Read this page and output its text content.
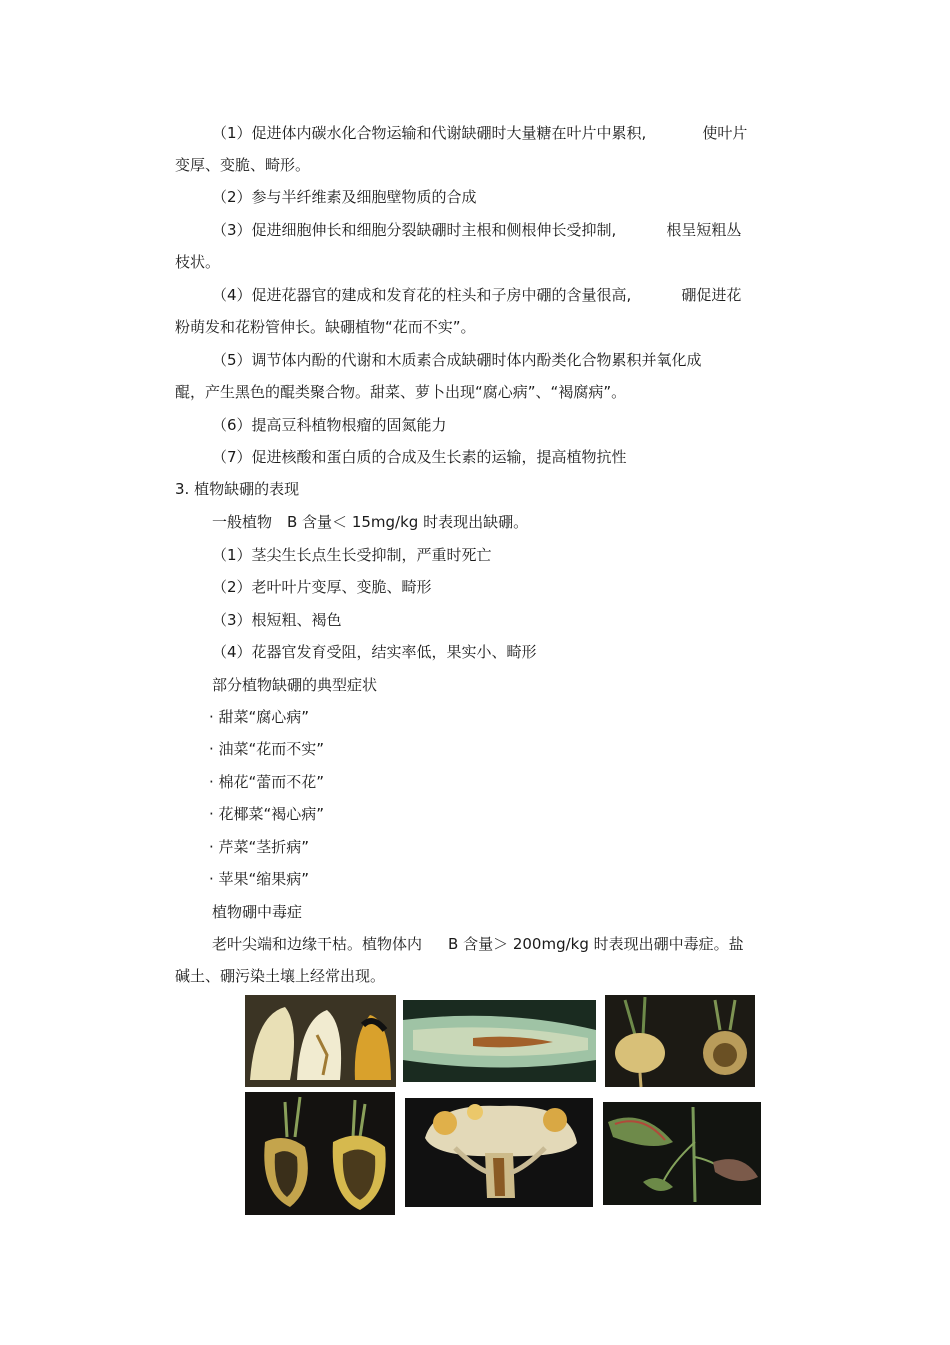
（1）促进体内碳水化合物运输和代谢缺硼时大量糖在叶片中累积,	使叶片
变厚、变脆、畸形。
（2）参与半纤维素及细胞壁物质的合成
（3）促进细胞伸长和细胞分裂缺硼时主根和侧根伸长受抑制,	根呈短粗丛
枝状。
（4）促进花器官的建成和发育花的柱头和子房中硼的含量很高,	硼促进花
粉萌发和花粉管伸长。缺硼植物“花而不实”。
（5）调节体内酚的代谢和木质素合成缺硼时体内酚类化合物累积并氧化成
醌，产生黑色的醌类聚合物。甜菜、萝卜出现“腐心病”、“褐腐病”。
（6）提高豆科植物根瘤的固氮能力
（7）促进核酸和蛋白质的合成及生长素的运输，提高植物抗性
3. 植物缺硼的表现
一般植物　B 含量＜ 15mg/kg 时表现出缺硼。
（1）茎尖生长点生长受抑制，严重时死亡
（2）老叶叶片变厚、变脆、畸形
（3）根短粗、褐色
（4）花器官发育受阻，结实率低，果实小、畸形
部分植物缺硼的典型症状
· 甜菜“腐心病”
· 油菜“花而不实”
· 棉花“蕾而不花”
· 花椰菜“褐心病”
· 芹菜“茎折病”
· 苹果“缩果病”
植物硼中毒症
老叶尖端和边缘干枯。植物体内 B 含量＞ 200mg/kg 时表现出硼中毒症。盐
碱土、硼污染土壤上经常出现。
